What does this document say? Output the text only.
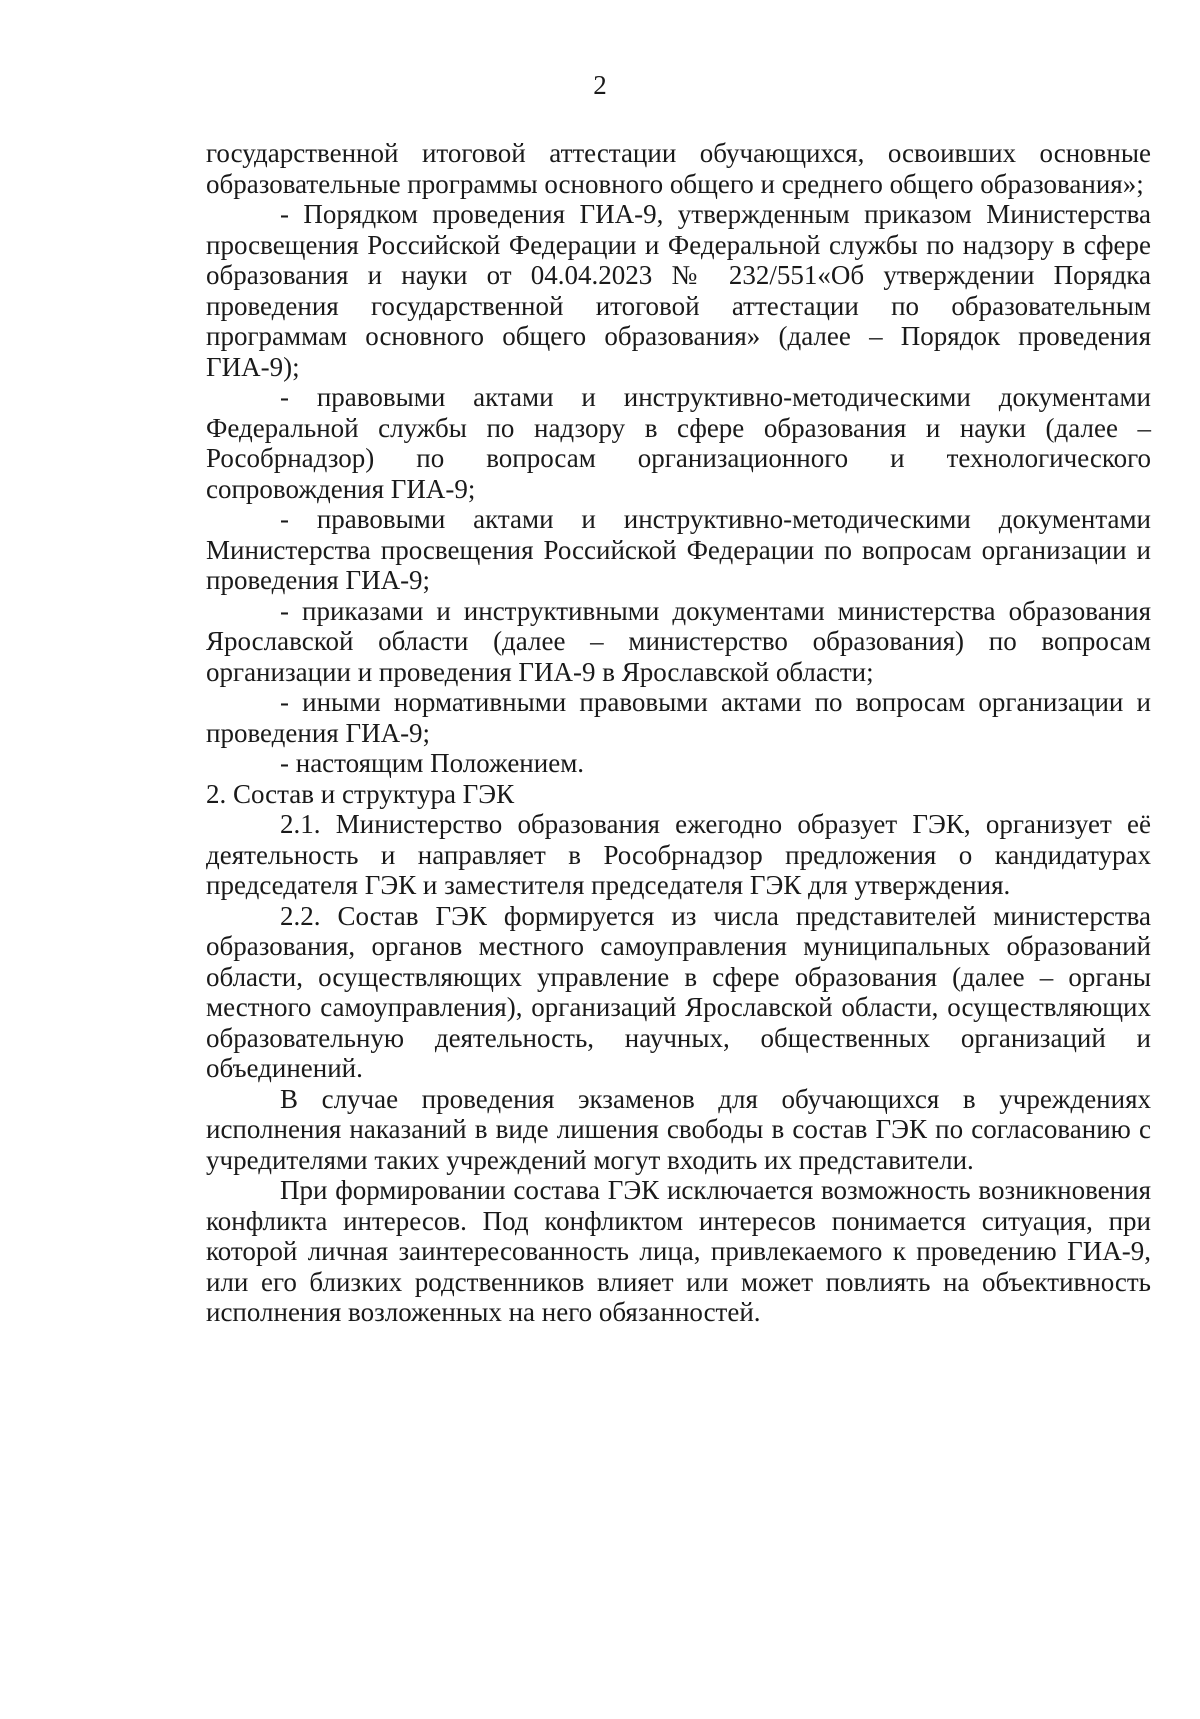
2

государственной итоговой аттестации обучающихся, освоивших основные образовательные программы основного общего и среднего общего образования»;

- Порядком проведения ГИА-9, утвержденным приказом Министерства просвещения Российской Федерации и Федеральной службы по надзору в сфере образования и науки от 04.04.2023 № 232/551«Об утверждении Порядка проведения государственной итоговой аттестации по образовательным программам основного общего образования» (далее – Порядок проведения ГИА-9);

- правовыми актами и инструктивно-методическими документами Федеральной службы по надзору в сфере образования и науки (далее – Рособрнадзор) по вопросам организационного и технологического сопровождения ГИА-9;

- правовыми актами и инструктивно-методическими документами Министерства просвещения Российской Федерации по вопросам организации и проведения ГИА-9;

- приказами и инструктивными документами министерства образования Ярославской области (далее – министерство образования) по вопросам организации и проведения ГИА-9 в Ярославской области;

- иными нормативными правовыми актами по вопросам организации и проведения ГИА-9;

- настоящим Положением.

2. Состав и структура ГЭК

2.1. Министерство образования ежегодно образует ГЭК, организует её деятельность и направляет в Рособрнадзор предложения о кандидатурах председателя ГЭК и заместителя председателя ГЭК для утверждения.

2.2. Состав ГЭК формируется из числа представителей министерства образования, органов местного самоуправления муниципальных образований области, осуществляющих управление в сфере образования (далее – органы местного самоуправления), организаций Ярославской области, осуществляющих образовательную деятельность, научных, общественных организаций и объединений.

В случае проведения экзаменов для обучающихся в учреждениях исполнения наказаний в виде лишения свободы в состав ГЭК по согласованию с учредителями таких учреждений могут входить их представители.

При формировании состава ГЭК исключается возможность возникновения конфликта интересов. Под конфликтом интересов понимается ситуация, при которой личная заинтересованность лица, привлекаемого к проведению ГИА-9, или его близких родственников влияет или может повлиять на объективность исполнения возложенных на него обязанностей.
